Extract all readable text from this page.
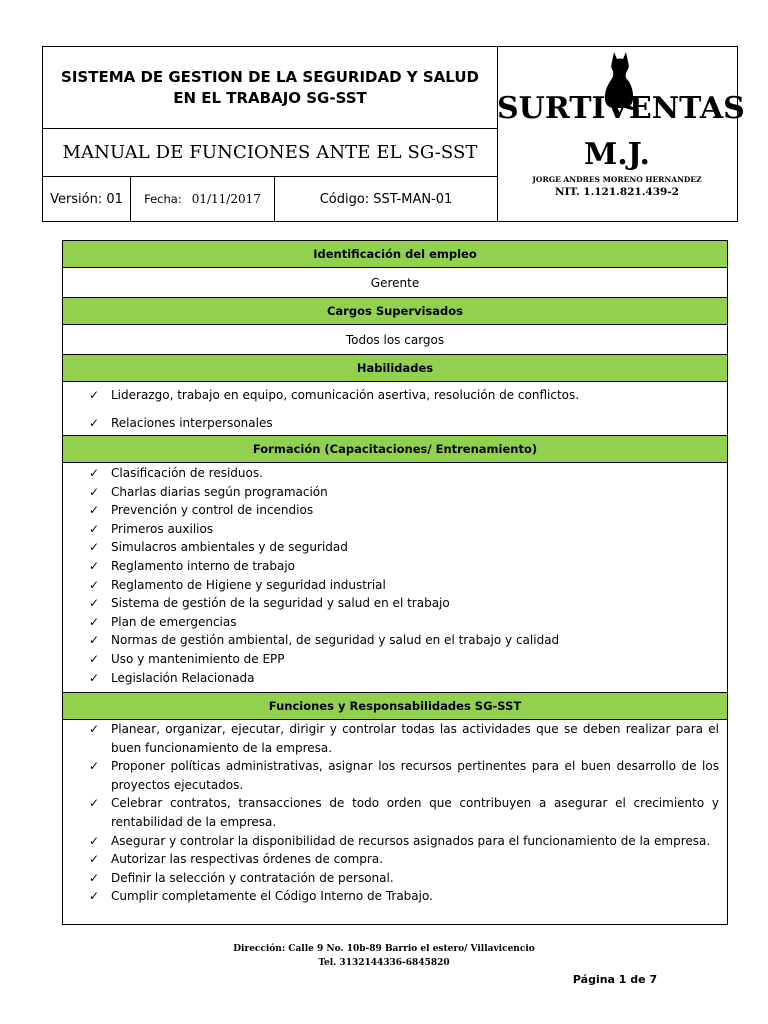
SISTEMA DE GESTION DE LA SEGURIDAD Y SALUD EN EL TRABAJO SG-SST
MANUAL DE FUNCIONES ANTE EL SG-SST
Versión: 01	Fecha: 01/11/2017	Código: SST-MAN-01
SURTIVENTAS
M.J.
JORGE ANDRES MORENO HERNANDEZ
NIT. 1.121.821.439-2
Identificación del empleo
Gerente
Cargos Supervisados
Todos los cargos
Habilidades
✓ Liderazgo, trabajo en equipo, comunicación asertiva, resolución de conflictos.
✓ Relaciones interpersonales
Formación (Capacitaciones/ Entrenamiento)
✓ Clasificación de residuos.
✓ Charlas diarias según programación
✓ Prevención y control de incendios
✓ Primeros auxilios
✓ Simulacros ambientales y de seguridad
✓ Reglamento interno de trabajo
✓ Reglamento de Higiene y seguridad industrial
✓ Sistema de gestión de la seguridad y salud en el trabajo
✓ Plan de emergencias
✓ Normas de gestión ambiental, de seguridad y salud en el trabajo y calidad
✓ Uso y mantenimiento de EPP
✓ Legislación Relacionada
Funciones y Responsabilidades SG-SST
✓ Planear, organizar, ejecutar, dirigir y controlar todas las actividades que se deben realizar para el buen funcionamiento de la empresa.
✓ Proponer políticas administrativas, asignar los recursos pertinentes para el buen desarrollo de los proyectos ejecutados.
✓ Celebrar contratos, transacciones de todo orden que contribuyen a asegurar el crecimiento y rentabilidad de la empresa.
✓ Asegurar y controlar la disponibilidad de recursos asignados para el funcionamiento de la empresa.
✓ Autorizar las respectivas órdenes de compra.
✓ Definir la selección y contratación de personal.
✓ Cumplir completamente el Código Interno de Trabajo.
Dirección: Calle 9 No. 10b-89 Barrio el estero/ Villavicencio
Tel. 3132144336-6845820
Página 1 de 7
